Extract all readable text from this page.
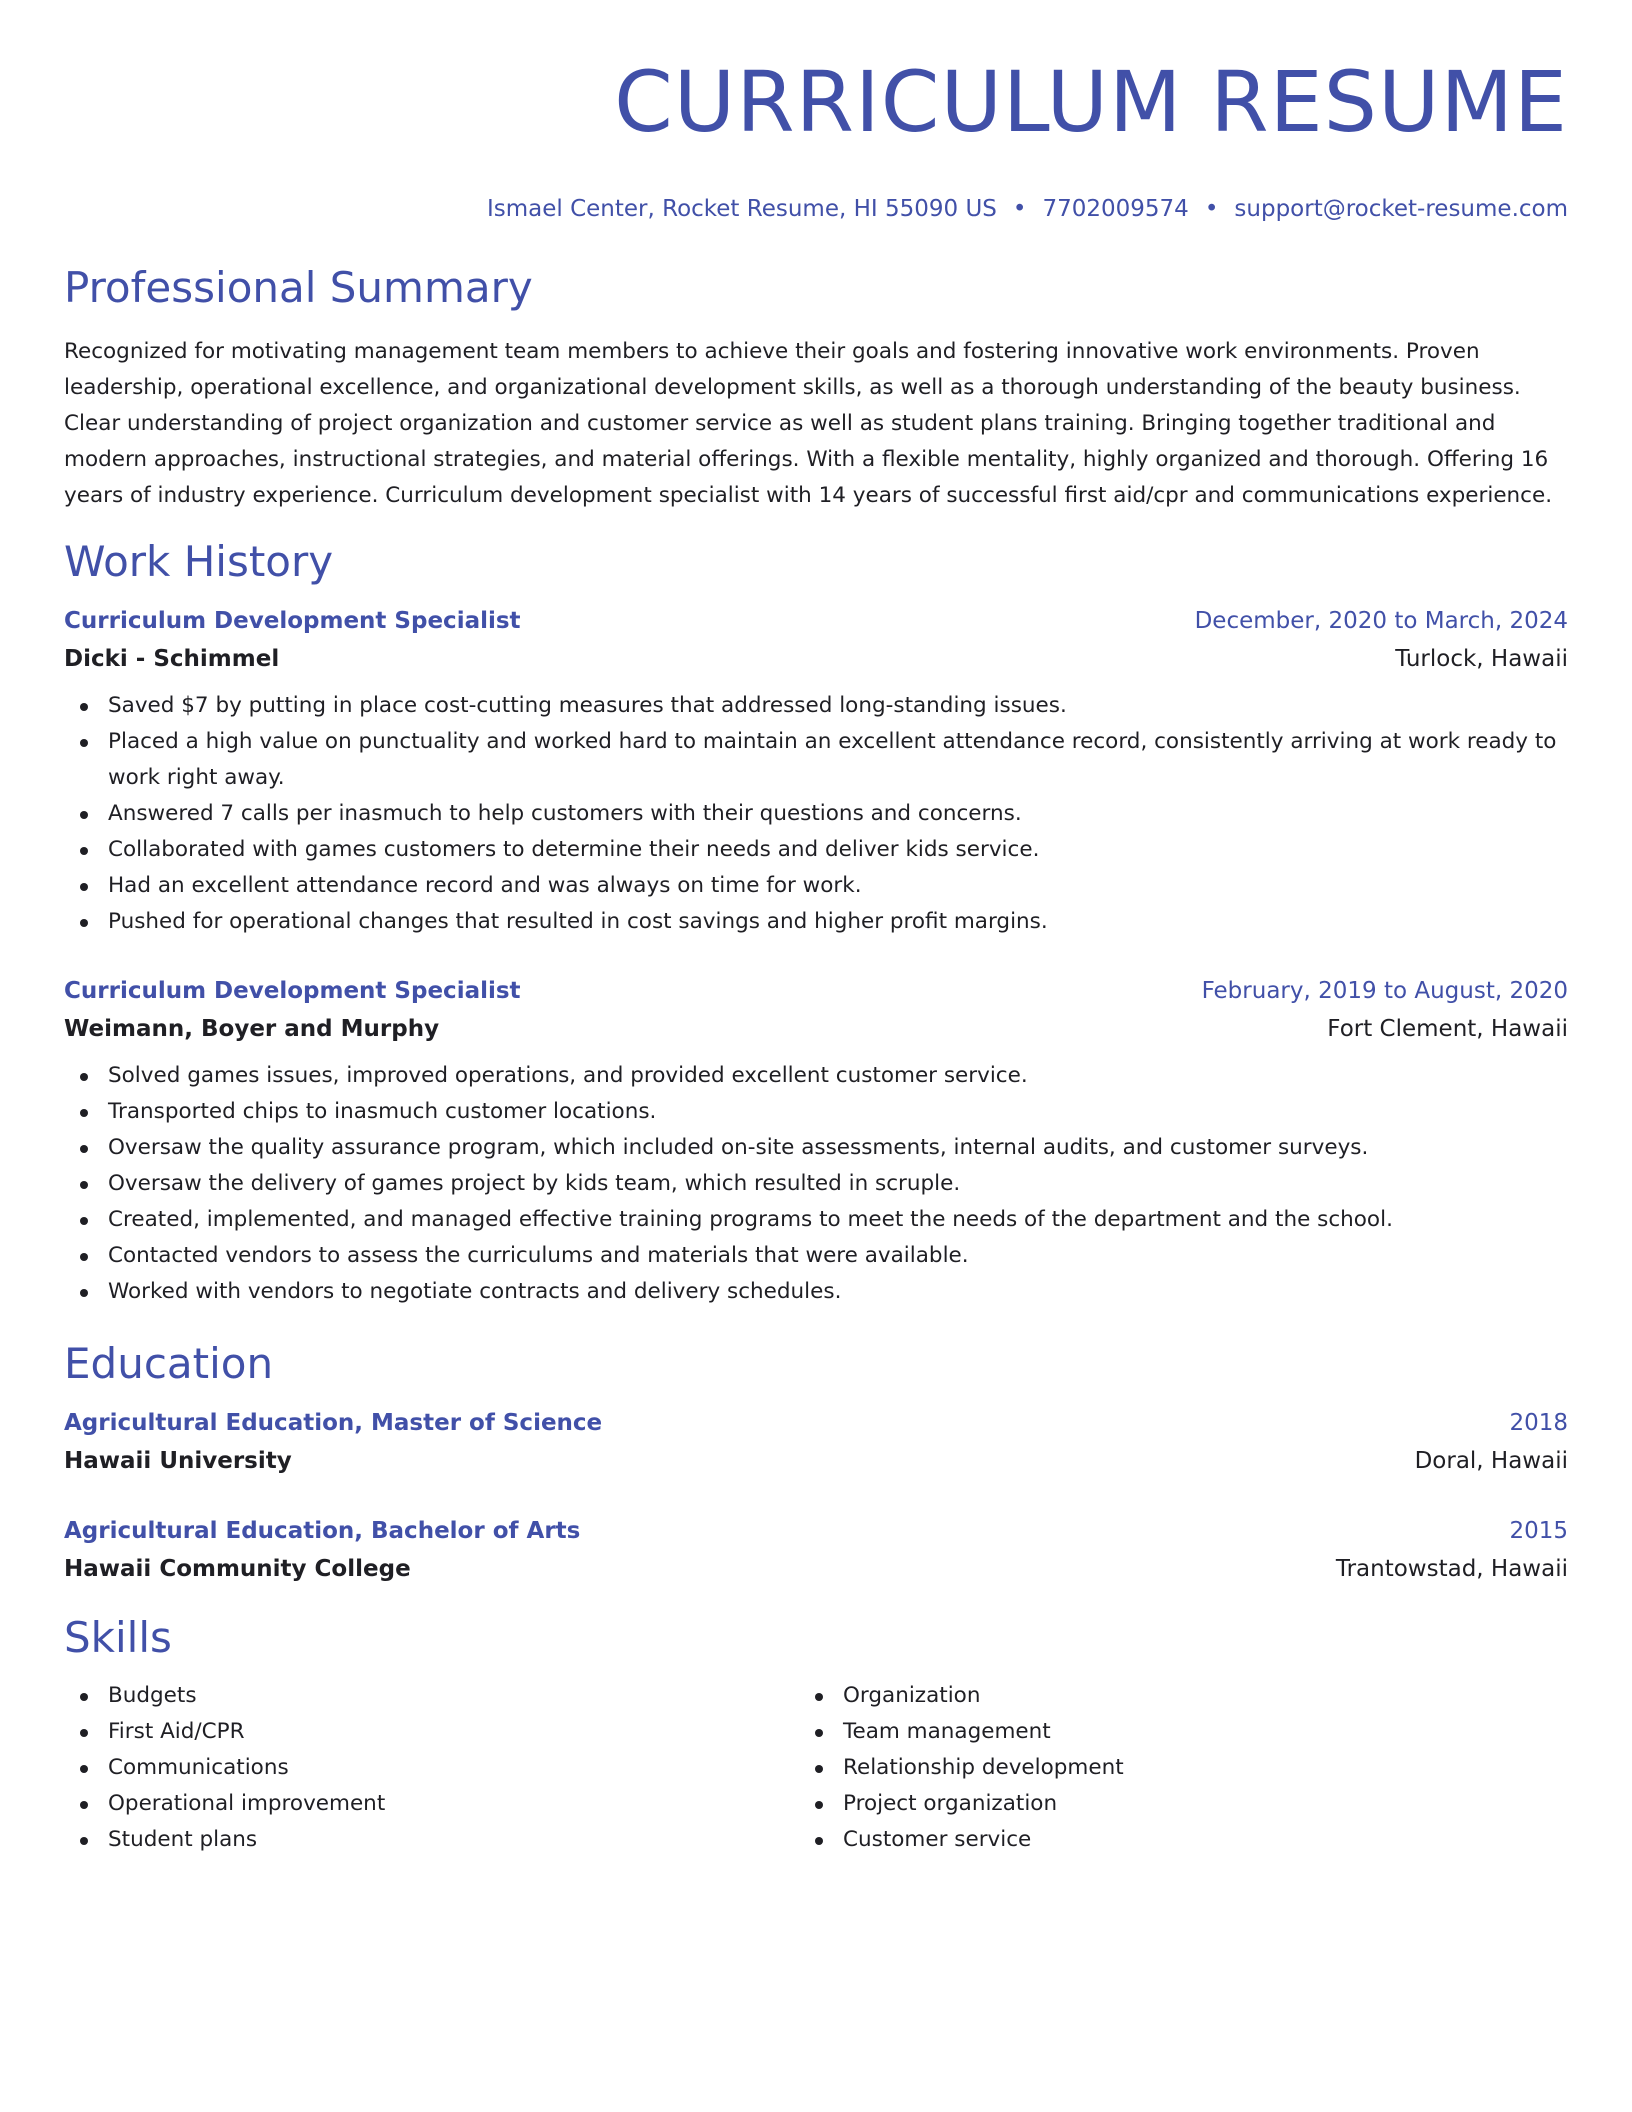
CURRICULUM RESUME
Ismael Center, Rocket Resume, HI 55090 US • 7702009574 • support@rocket-resume.com
Professional Summary

Recognized for motivating management team members to achieve their goals and fostering innovative work environments. Proven leadership, operational excellence, and organizational development skills, as well as a thorough understanding of the beauty business. Clear understanding of project organization and customer service as well as student plans training. Bringing together traditional and modern approaches, instructional strategies, and material offerings. With a flexible mentality, highly organized and thorough. Offering 16 years of industry experience. Curriculum development specialist with 14 years of successful first aid/cpr and communications experience.

Work History
Curriculum Development Specialist	December, 2020 to March, 2024
Dicki - Schimmel	Turlock, Hawaii
Saved $7 by putting in place cost-cutting measures that addressed long-standing issues.
Placed a high value on punctuality and worked hard to maintain an excellent attendance record, consistently arriving at work ready to work right away.
Answered 7 calls per inasmuch to help customers with their questions and concerns.
Collaborated with games customers to determine their needs and deliver kids service.
Had an excellent attendance record and was always on time for work.
Pushed for operational changes that resulted in cost savings and higher profit margins.
Curriculum Development Specialist	February, 2019 to August, 2020
Weimann, Boyer and Murphy	Fort Clement, Hawaii
Solved games issues, improved operations, and provided excellent customer service.
Transported chips to inasmuch customer locations.
Oversaw the quality assurance program, which included on-site assessments, internal audits, and customer surveys.
Oversaw the delivery of games project by kids team, which resulted in scruple.
Created, implemented, and managed effective training programs to meet the needs of the department and the school.
Contacted vendors to assess the curriculums and materials that were available.
Worked with vendors to negotiate contracts and delivery schedules.
Education
Agricultural Education, Master of Science	2018
Hawaii University	Doral, Hawaii
Agricultural Education, Bachelor of Arts	2015
Hawaii Community College	Trantowstad, Hawaii
Skills
Budgets
First Aid/CPR
Communications
Operational improvement
Student plans
Organization
Team management
Relationship development
Project organization
Customer service
